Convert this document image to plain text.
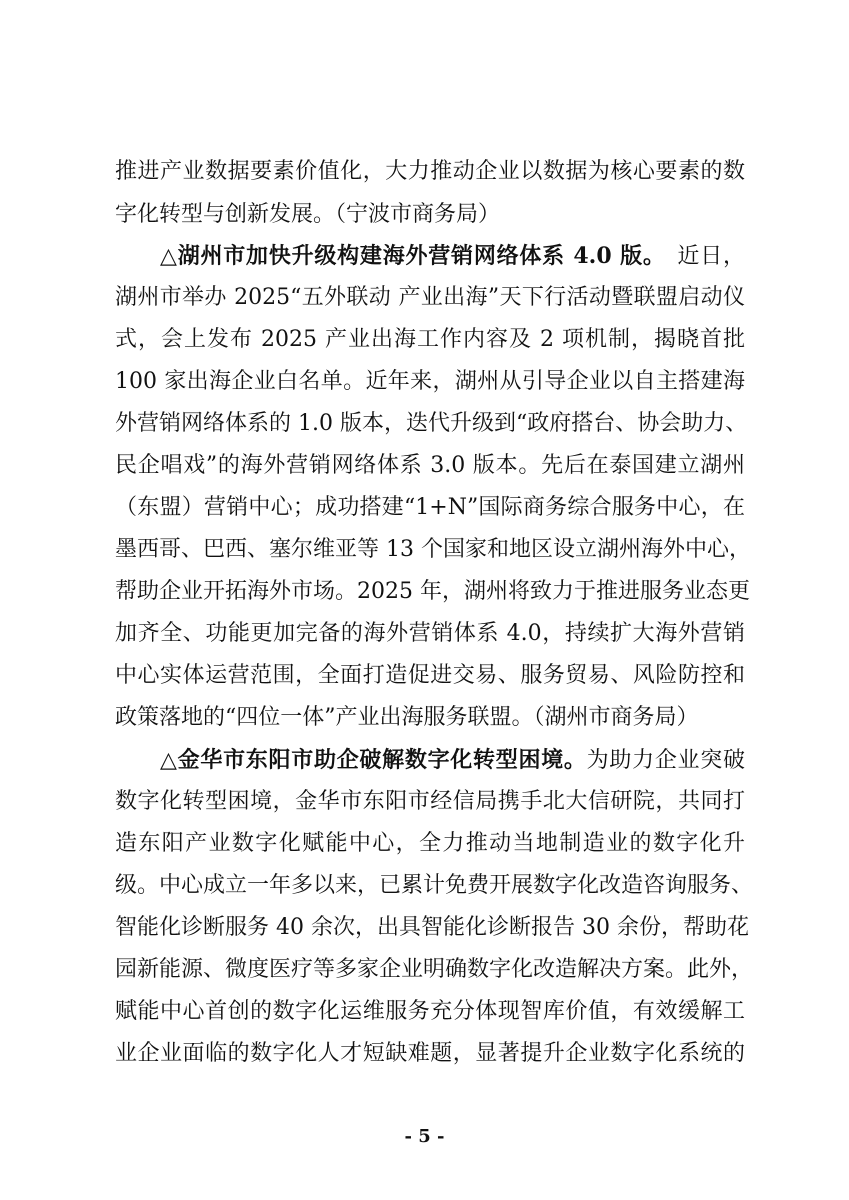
推进产业数据要素价值化，大力推动企业以数据为核心要素的数
字化转型与创新发展。（宁波市商务局）
△湖州市加快升级构建海外营销网络体系 4.0 版。　 近日，
湖州市举办 2025“五外联动 产业出海”天下行活动暨联盟启动仪
式，会上发布 2025 产业出海工作内容及 2 项机制，揭晓首批
100 家出海企业白名单。近年来，湖州从引导企业以自主搭建海
外营销网络体系的 1.0 版本，迭代升级到“政府搭台、协会助力、
民企唱戏”的海外营销网络体系 3.0 版本。先后在泰国建立湖州
（东盟）营销中心；成功搭建“1+N”国际商务综合服务中心，在
墨西哥、巴西、塞尔维亚等 13 个国家和地区设立湖州海外中心，
帮助企业开拓海外市场。2025 年，湖州将致力于推进服务业态更
加齐全、功能更加完备的海外营销体系 4.0，持续扩大海外营销
中心实体运营范围，全面打造促进交易、服务贸易、风险防控和
政策落地的“四位一体”产业出海服务联盟。（湖州市商务局）
△金华市东阳市助企破解数字化转型困境。为助力企业突破
数字化转型困境，金华市东阳市经信局携手北大信研院，共同打
造东阳产业数字化赋能中心，全力推动当地制造业的数字化升
级。中心成立一年多以来，已累计免费开展数字化改造咨询服务、
智能化诊断服务 40 余次，出具智能化诊断报告 30 余份，帮助花
园新能源、微度医疗等多家企业明确数字化改造解决方案。此外，
赋能中心首创的数字化运维服务充分体现智库价值，有效缓解工
业企业面临的数字化人才短缺难题，显著提升企业数字化系统的
- 5 -
